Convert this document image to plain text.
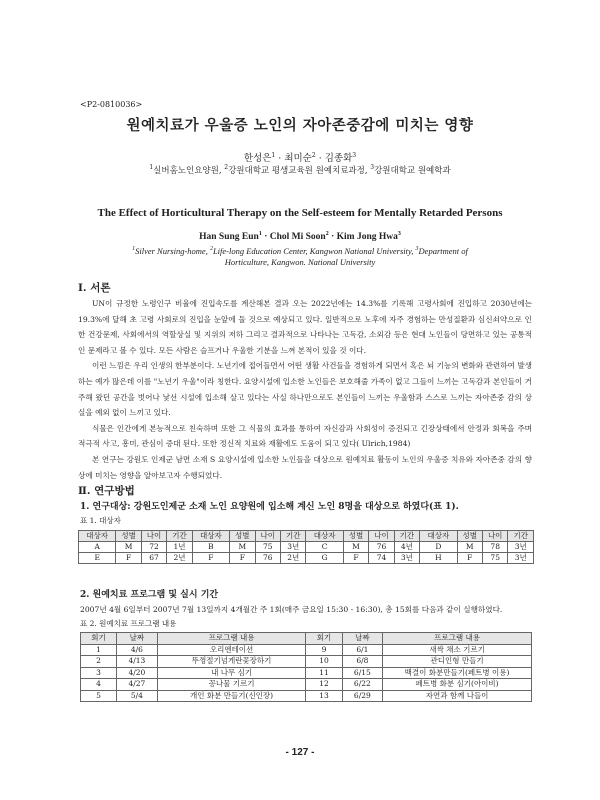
<P2-0810036>
원예치료가 우울증 노인의 자아존중감에 미치는 영향
한성은$^1$ · 최미순$^2$ · 김종화$^3$
$^1$실버홈노인요양원, $^2$강원대학교 평생교육원 원예치료과정, $^3$강원대학교 원예학과
The Effect of Horticultural Therapy on the Self-esteem for Mentally Retarded Persons
Han Sung Eun$^1$ · Chol Mi Soon$^2$ · Kim Jong Hwa$^3$
$^1$Silver Nursing-home, $^2$Life-long Education Center, Kangwon National University, $^3$Department of Horticulture, Kangwon. National University
Ⅰ. 서론

UN이 규정한 노령인구 비율에 진입속도를 계산해본 결과 오는 2022년에는 14.3%를 기록해 고령사회에 진입하고 2030년에는 19.3%에 달해 초 고령 사회로의 진입을 눈앞에 둘 것으로 예상되고 있다. 일반적으로 노후에 자주 경험하는 만성질환과 심신쇠약으로 인한 건강문제, 사회에서의 역할상실 및 지위의 저하 그리고 결과적으로 나타나는 고독감, 소외감 등은 현대 노인들이 당면하고 있는 공통적인 문제라고 볼 수 있다. 모든 사람은 슬프거나 우울한 기분을 느껴 본적이 있을 것 이다.

이런 느낌은 우리 인생의 한부분이다. 노년기에 접어들면서 어떤 생활 사건들을 경험하게 되면서 혹은 뇌 기능의 변화와 관련하여 발생하는 예가 많은데 이를 "노년기 우울"이라 칭한다. 요양시설에 입소한 노인들은 보호해줄 가족이 없고 그들이 느끼는 고독감과 본인들이 거주해 왔던 공간을 벗어나 낯선 시설에 입소해 살고 있다는 사실 하나만으로도 본인들이 느끼는 우울함과 스스로 느끼는 자아존중 감의 상실을 예외 없이 느끼고 있다.

식물은 인간에게 본능적으로 친숙하며 또한 그 식물의 효과를 통하여 자신감과 사회성이 증진되고 긴장상태에서 안정과 회복을 주며 적극적 사고, 흥미, 관심이 증대 된다. 또한 정신적 치료와 재활에도 도움이 되고 있다( Ulrich,1984)

본 연구는 강원도 인제군 남면 소재 S 요양시설에 입소한 노인들을 대상으로 원예치료 활동이 노인의 우울증 치유와 자아존중 감의 향상에 미치는 영향을 알아보고자 수행되었다.

Ⅱ. 연구방법
1. 연구대상: 강원도인제군 소재 노인 요양원에 입소해 계신 노인 8명을 대상으로 하였다(표 1).
표 1. 대상자
대상자	성별	나이	기간	대상자	성별	나이	기간	대상자	성별	나이	기간	대상자	성별	나이	기간
A	M	72	1년	B	M	75	3년	C	M	76	4년	D	M	78	3년
E	F	67	2년	F	F	76	2년	G	F	74	3년	H	F	75	3년
2. 원예치료 프로그램 및 실시 기간
2007년 4월 6일부터 2007년 7월 13일까지 4개월간 주 1회(매주 금요일 15:30 - 16:30), 총 15회를 다음과 같이 실행하였다.
표 2. 원예치료 프로그램 내용
회기	날짜	프로그램 내용	회기	날짜	프로그램 내용
1	4/6	오리엔테이션	9	6/1	새싹 채소 기르기
2	4/13	뚜껑절기넘게란꽃장하기	10	6/8	관디인형 만들기
3	4/20	내 나무 심기	11	6/15	백결이 화분만들기(페트병 이용)
4	4/27	꽁나물 기르기	12	6/22	페트병 화분 심기(아이비)
5	5/4	개인 화분 만들기(신인장)	13	6/29	자연과 함께 나들이
- 127 -
